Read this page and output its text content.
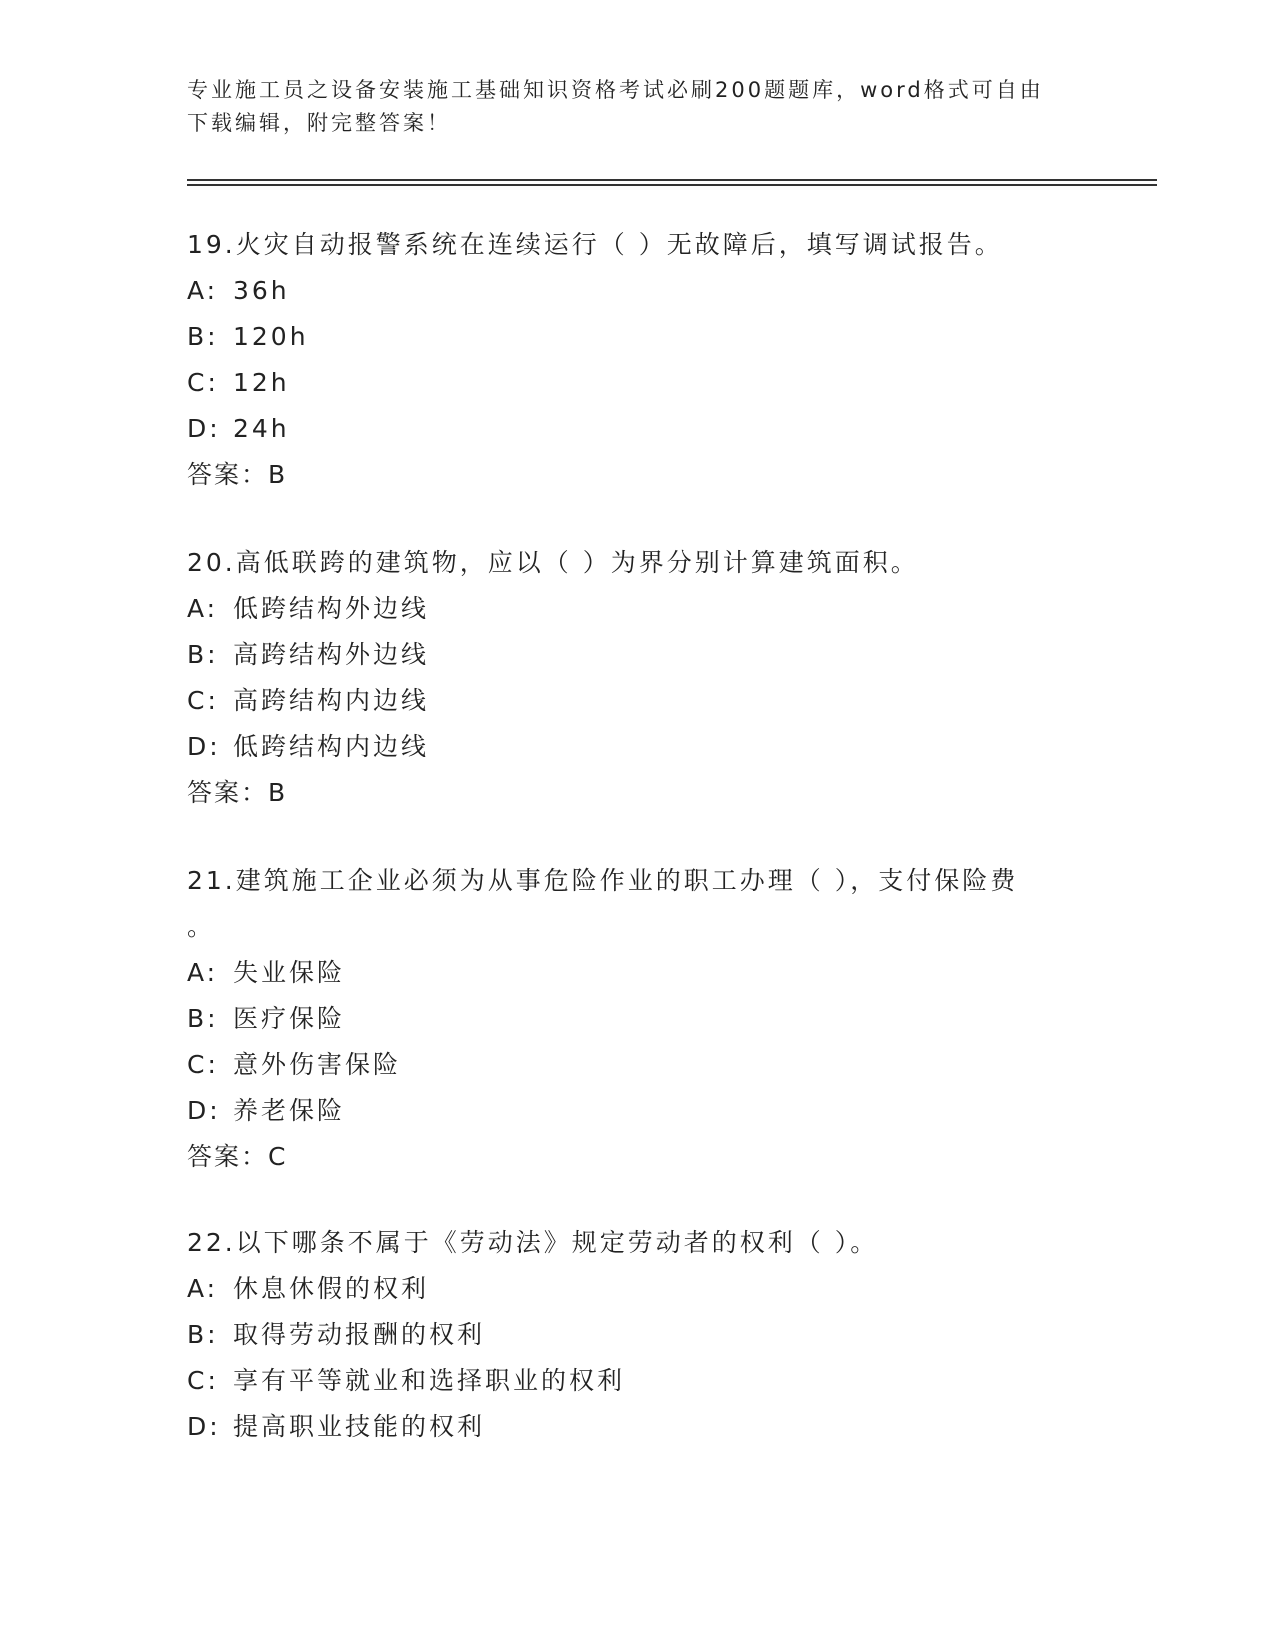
专业施工员之设备安装施工基础知识资格考试必刷200题题库，word格式可自由
下载编辑，附完整答案！
19.火灾自动报警系统在连续运行（ ）无故障后，填写调试报告。
A: 36h
B: 120h
C: 12h
D: 24h
答案：B
20.高低联跨的建筑物，应以（ ）为界分别计算建筑面积。
A: 低跨结构外边线
B: 高跨结构外边线
C: 高跨结构内边线
D: 低跨结构内边线
答案：B
21.建筑施工企业必须为从事危险作业的职工办理（ ），支付保险费
。
A: 失业保险
B: 医疗保险
C: 意外伤害保险
D: 养老保险
答案：C
22.以下哪条不属于《劳动法》规定劳动者的权利（ ）。
A: 休息休假的权利
B: 取得劳动报酬的权利
C: 享有平等就业和选择职业的权利
D: 提高职业技能的权利
